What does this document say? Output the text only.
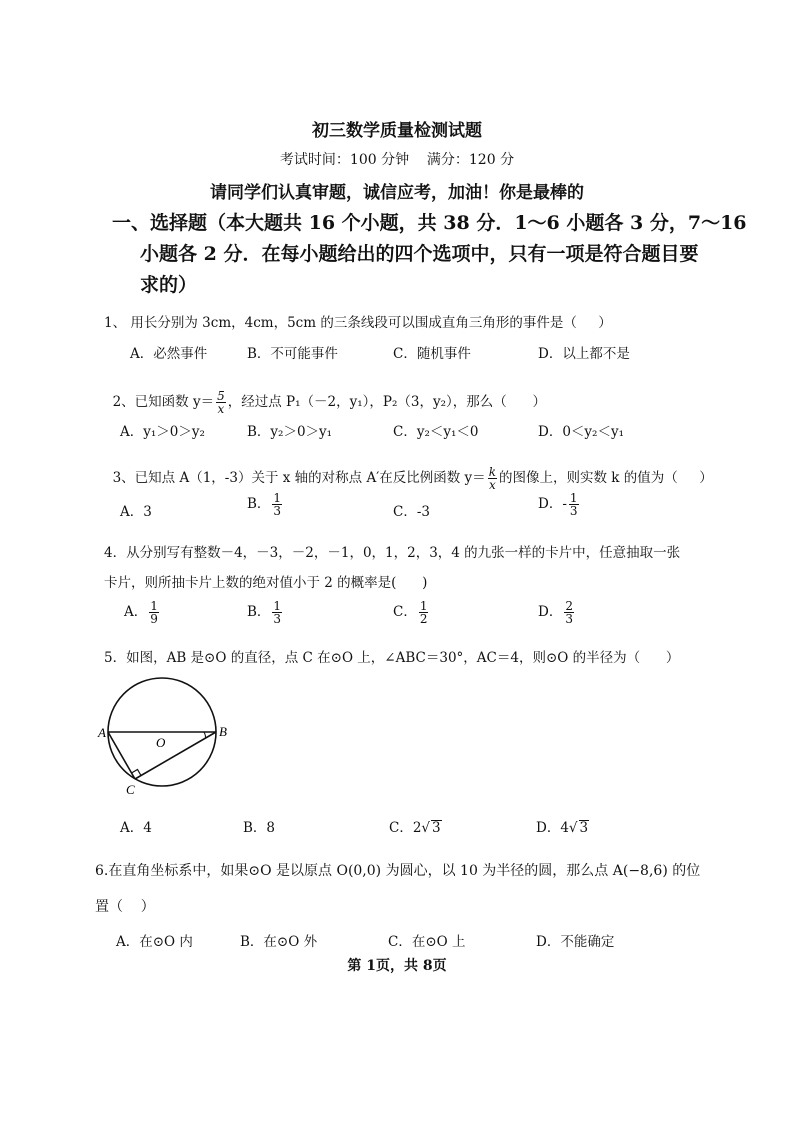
初三数学质量检测试题
考试时间：100 分钟    满分：120 分
请同学们认真审题，诚信应考，加油！你是最棒的
一、选择题（本大题共 16 个小题，共 38 分．1～6 小题各 3 分，7～16
小题各 2 分．在每小题给出的四个选项中，只有一项是符合题目要
求的）
1、 用长分别为 3cm，4cm，5cm 的三条线段可以围成直角三角形的事件是（     ）
A．必然事件	B．不可能事件	C．随机事件	D．以上都不是

2、已知函数 $y= \frac{5}{x}$ ，经过点 P₁（－2，y₁），P₂（3，y₂），那么（      ）

A．y₁＞0＞y₂	B．y₂＞0＞y₁	C．y₂＜y₁＜0	D．0＜y₂＜y₁

3、已知点 A（1，-3）关于 x 轴的对称点 A′在反比例函数 $y= \frac{k}{x}$ 的图像上，则实数 k 的值为（     ）

A．3	B． $\frac{1}{3}$	C．-3	D．- $\frac{1}{3}$
4．从分别写有整数－4，－3，－2，－1，0，1，2，3，4 的九张一样的卡片中，任意抽取一张
卡片，则所抽卡片上数的绝对值小于 2 的概率是(      )
A． $\frac{1}{9}$	B． $\frac{1}{3}$	C． $\frac{1}{2}$	D． $\frac{2}{3}$
5．如图，AB 是⊙O 的直径，点 C 在⊙O 上，∠ABC＝30°，AC＝4，则⊙O 的半径为（      ）
A	B
C
O
A．4	B．8	C．2√ 3	D．4√ 3
6.在直角坐标系中，如果⊙O 是以原点 O(0,0) 为圆心，以 10 为半径的圆，那么点 A(−8,6) 的位
置（    ）
A．在⊙O 内	B．在⊙O 外	C．在⊙O 上	D．不能确定
第 1页，共 8页
